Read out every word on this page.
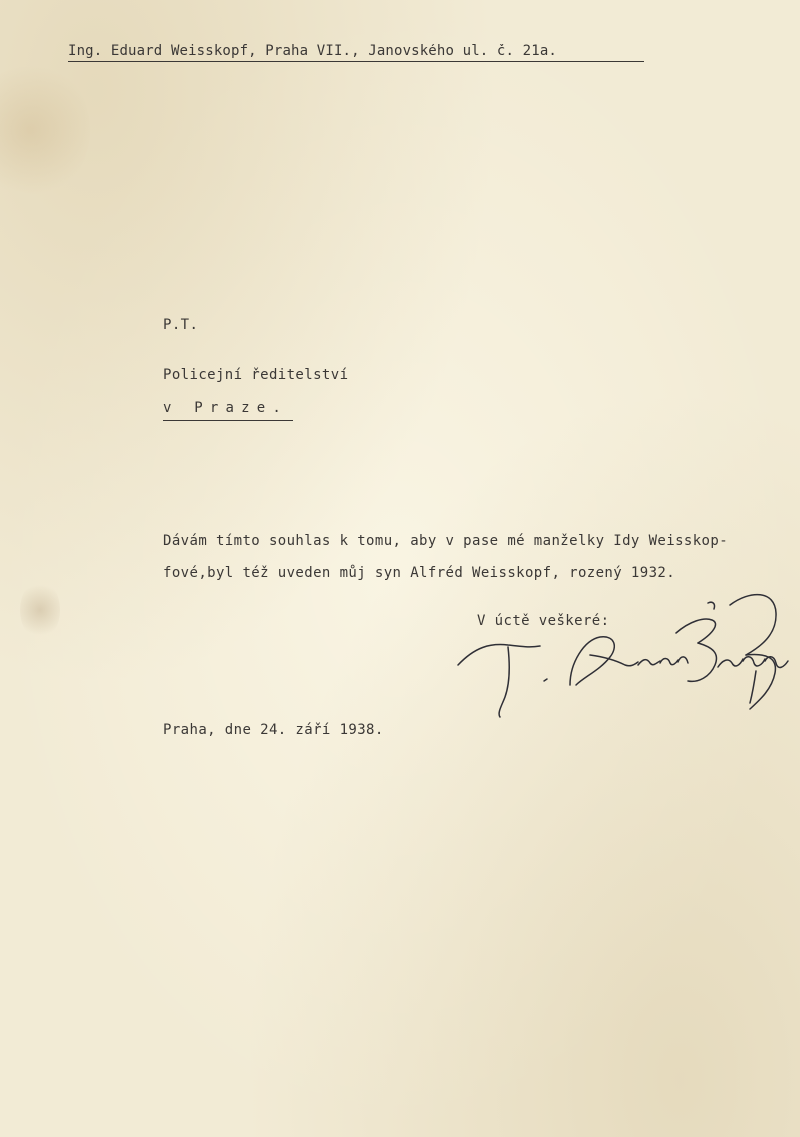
Ing. Eduard Weisskopf, Praha VII., Janovského ul. č. 21a.
P.T.
Policejní ředitelství
v Praze.
Dávám tímto souhlas k tomu, aby v pase mé manželky Idy Weisskop-
fové,byl též uveden můj syn Alfréd Weisskopf, rozený 1932.
V úctě veškeré:
Praha, dne 24. září 1938.
